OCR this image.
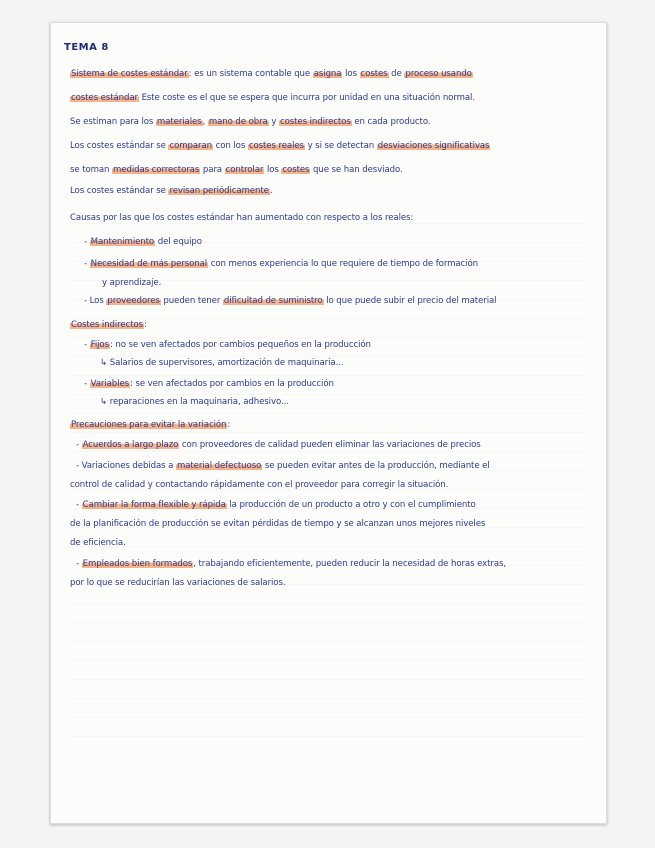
TEMA 8
Sistema de costes estándar: es un sistema contable que asigna los costes de proceso usando
costes estándar Este coste es el que se espera que incurra por unidad en una situación normal.
Se estiman para los materiales, mano de obra y costes indirectos en cada producto.
Los costes estándar se comparan con los costes reales y si se detectan desviaciones significativas
se toman medidas correctoras para controlar los costes que se han desviado.
Los costes estándar se revisan periódicamente.
Causas por las que los costes estándar han aumentado con respecto a los reales:
- Mantenimiento del equipo
- Necesidad de más personal con menos experiencia lo que requiere de tiempo de formación
y aprendizaje.
- Los proveedores pueden tener dificultad de suministro lo que puede subir el precio del material
Costes indirectos:
- Fijos: no se ven afectados por cambios pequeños en la producción
↳ Salarios de supervisores, amortización de maquinaria...
- Variables: se ven afectados por cambios en la producción
↳ reparaciones en la maquinaria, adhesivo...
Precauciones para evitar la variación:
- Acuerdos a largo plazo con proveedores de calidad pueden eliminar las variaciones de precios
- Variaciones debidas a material defectuoso se pueden evitar antes de la producción, mediante el
control de calidad y contactando rápidamente con el proveedor para corregir la situación.
- Cambiar la forma flexible y rápida la producción de un producto a otro y con el cumplimiento
de la planificación de producción se evitan pérdidas de tiempo y se alcanzan unos mejores niveles
de eficiencia.
- Empleados bien formados, trabajando eficientemente, pueden reducir la necesidad de horas extras,
por lo que se reducirían las variaciones de salarios.
